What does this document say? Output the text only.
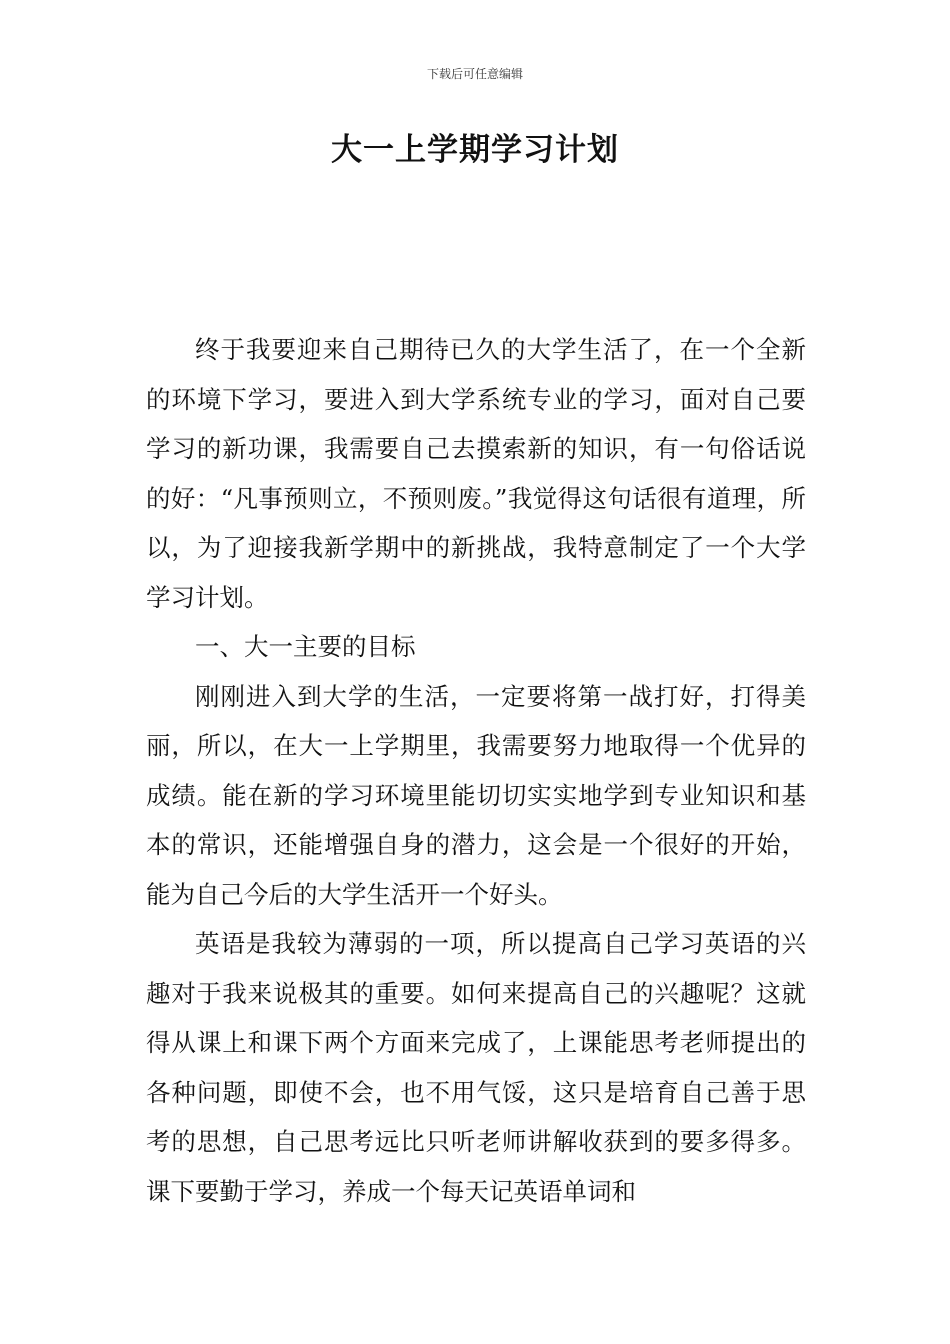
下载后可任意编辑
大一上学期学习计划

终于我要迎来自己期待已久的大学生活了，在一个全新的环境下学习，要进入到大学系统专业的学习，面对自己要学习的新功课，我需要自己去摸索新的知识，有一句俗话说的好：“凡事预则立，不预则废。”我觉得这句话很有道理，所以，为了迎接我新学期中的新挑战，我特意制定了一个大学学习计划。

一、大一主要的目标

刚刚进入到大学的生活，一定要将第一战打好，打得美丽，所以，在大一上学期里，我需要努力地取得一个优异的成绩。能在新的学习环境里能切切实实地学到专业知识和基本的常识，还能增强自身的潜力，这会是一个很好的开始，能为自己今后的大学生活开一个好头。

英语是我较为薄弱的一项，所以提高自己学习英语的兴趣对于我来说极其的重要。如何来提高自己的兴趣呢？这就得从课上和课下两个方面来完成了，上课能思考老师提出的各种问题，即使不会，也不用气馁，这只是培育自己善于思考的思想，自己思考远比只听老师讲解收获到的要多得多。课下要勤于学习，养成一个每天记英语单词和
